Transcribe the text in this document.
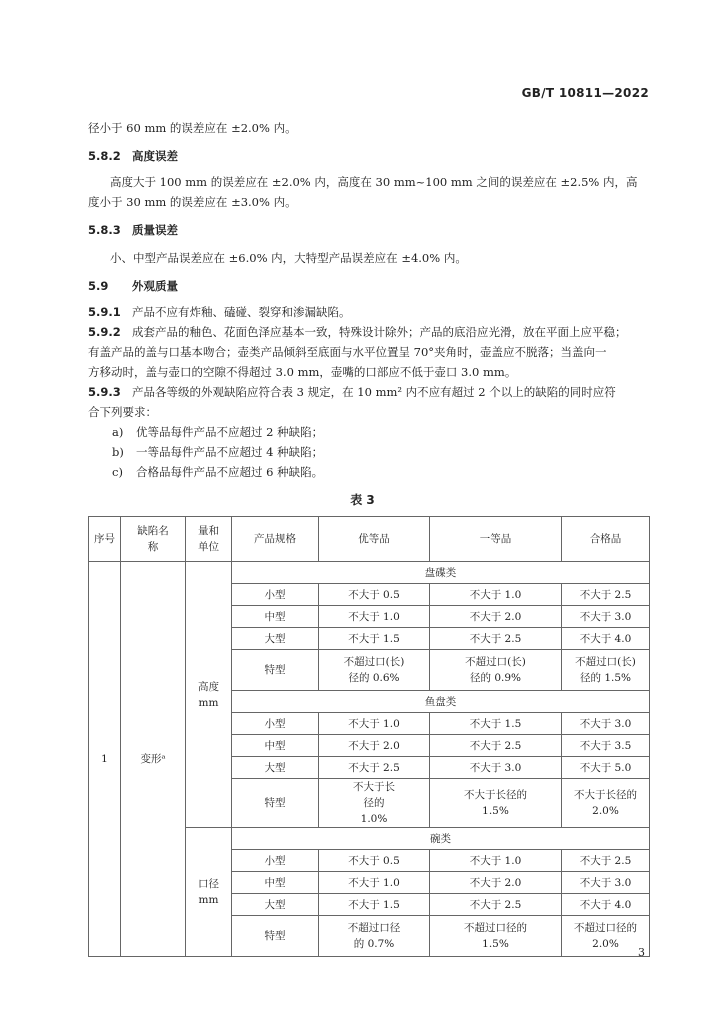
GB/T 10811—2022
径小于 60 mm 的误差应在 ±2.0% 内。
5.8.2 高度误差
高度大于 100 mm 的误差应在 ±2.0% 内，高度在 30 mm~100 mm 之间的误差应在 ±2.5% 内，高
度小于 30 mm 的误差应在 ±3.0% 内。
5.8.3 质量误差
小、中型产品误差应在 ±6.0% 内，大特型产品误差应在 ±4.0% 内。
5.9 外观质量
5.9.1 产品不应有炸釉、磕碰、裂穿和渗漏缺陷。
5.9.2 成套产品的釉色、花面色泽应基本一致，特殊设计除外；产品的底沿应光滑，放在平面上应平稳；
有盖产品的盖与口基本吻合；壶类产品倾斜至底面与水平位置呈 70°夹角时，壶盖应不脱落；当盖向一
方移动时，盖与壶口的空隙不得超过 3.0 mm，壶嘴的口部应不低于壶口 3.0 mm。
5.9.3 产品各等级的外观缺陷应符合表 3 规定，在 10 mm² 内不应有超过 2 个以上的缺陷的同时应符
合下列要求：
a) 优等品每件产品不应超过 2 种缺陷；
b) 一等品每件产品不应超过 4 种缺陷；
c) 合格品每件产品不应超过 6 种缺陷。
表 3
序号	缺陷名称	量和单位	产品规格	优等品	一等品	合格品
1	变形ᵃ	高度mm	盘碟类			
			小型	不大于 0.5	不大于 1.0	不大于 2.5
			中型	不大于 1.0	不大于 2.0	不大于 3.0
			大型	不大于 1.5	不大于 2.5	不大于 4.0
			特型	不超过口(长)径的 0.6%	不超过口(长)径的 0.9%	不超过口(长)径的 1.5%
			鱼盘类			
			小型	不大于 1.0	不大于 1.5	不大于 3.0
			中型	不大于 2.0	不大于 2.5	不大于 3.5
			大型	不大于 2.5	不大于 3.0	不大于 5.0
			特型	不大于长径的 1.0%	不大于长径的 1.5%	不大于长径的 2.0%
		口径mm	碗类			
			小型	不大于 0.5	不大于 1.0	不大于 2.5
			中型	不大于 1.0	不大于 2.0	不大于 3.0
			大型	不大于 1.5	不大于 2.5	不大于 4.0
			特型	不超过口径的 0.7%	不超过口径的 1.5%	不超过口径的 2.0%
3
